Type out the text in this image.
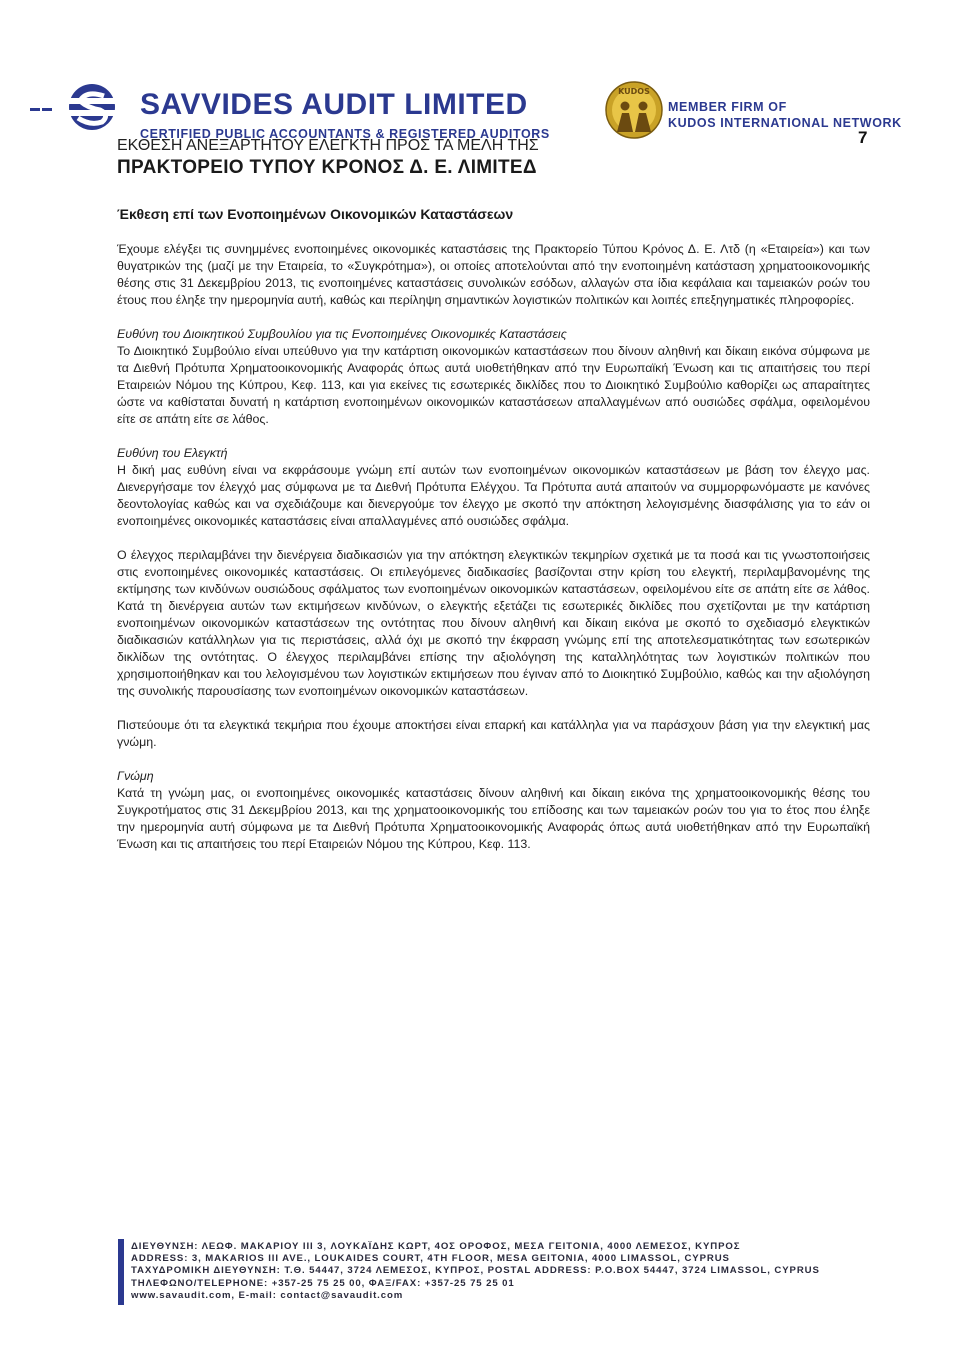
SAVVIDES AUDIT LIMITED
CERTIFIED PUBLIC ACCOUNTANTS & REGISTERED AUDITORS
KUDOS
MEMBER FIRM OF
KUDOS INTERNATIONAL NETWORK
7
ΕΚΘΕΣΗ ΑΝΕΞΑΡΤΗΤΟΥ ΕΛΕΓΚΤΗ ΠΡΟΣ ΤΑ ΜΕΛΗ ΤΗΣ
ΠΡΑΚΤΟΡΕΙΟ ΤΥΠΟΥ ΚΡΟΝΟΣ Δ. Ε. ΛΙΜΙΤΕΔ
Έκθεση επί των Ενοποιημένων Οικονομικών Καταστάσεων

Έχουμε ελέγξει τις συνημμένες ενοποιημένες οικονομικές καταστάσεις της Πρακτορείο Τύπου Κρόνος Δ. Ε. Λτδ (η «Εταιρεία») και των θυγατρικών της (μαζί με την Εταιρεία, το «Συγκρότημα»), οι οποίες αποτελούνται από την ενοποιημένη κατάσταση χρηματοοικονομικής θέσης στις 31 Δεκεμβρίου 2013, τις ενοποιημένες καταστάσεις συνολικών εσόδων, αλλαγών στα ίδια κεφάλαια και ταμειακών ροών του έτους που έληξε την ημερομηνία αυτή, καθώς και περίληψη σημαντικών λογιστικών πολιτικών και λοιπές επεξηγηματικές πληροφορίες.

Ευθύνη του Διοικητικού Συμβουλίου για τις Ενοποιημένες Οικονομικές Καταστάσεις

Το Διοικητικό Συμβούλιο είναι υπεύθυνο για την κατάρτιση οικονομικών καταστάσεων που δίνουν αληθινή και δίκαιη εικόνα σύμφωνα με τα Διεθνή Πρότυπα Χρηματοοικονομικής Αναφοράς όπως αυτά υιοθετήθηκαν από την Ευρωπαϊκή Ένωση και τις απαιτήσεις του περί Εταιρειών Νόμου της Κύπρου, Κεφ. 113, και για εκείνες τις εσωτερικές δικλίδες που το Διοικητικό Συμβούλιο καθορίζει ως απαραίτητες ώστε να καθίσταται δυνατή η κατάρτιση ενοποιημένων οικονομικών καταστάσεων απαλλαγμένων από ουσιώδες σφάλμα, οφειλομένου είτε σε απάτη είτε σε λάθος.

Ευθύνη του Ελεγκτή

Η δική μας ευθύνη είναι να εκφράσουμε γνώμη επί αυτών των ενοποιημένων οικονομικών καταστάσεων με βάση τον έλεγχο μας. Διενεργήσαμε τον έλεγχό μας σύμφωνα με τα Διεθνή Πρότυπα Ελέγχου. Τα Πρότυπα αυτά απαιτούν να συμμορφωνόμαστε με κανόνες δεοντολογίας καθώς και να σχεδιάζουμε και διενεργούμε τον έλεγχο με σκοπό την απόκτηση λελογισμένης διασφάλισης για το εάν οι ενοποιημένες οικονομικές καταστάσεις είναι απαλλαγμένες από ουσιώδες σφάλμα.

Ο έλεγχος περιλαμβάνει την διενέργεια διαδικασιών για την απόκτηση ελεγκτικών τεκμηρίων σχετικά με τα ποσά και τις γνωστοποιήσεις στις ενοποιημένες οικονομικές καταστάσεις. Οι επιλεγόμενες διαδικασίες βασίζονται στην κρίση του ελεγκτή, περιλαμβανομένης της εκτίμησης των κινδύνων ουσιώδους σφάλματος των ενοποιημένων οικονομικών καταστάσεων, οφειλομένου είτε σε απάτη είτε σε λάθος. Κατά τη διενέργεια αυτών των εκτιμήσεων κινδύνων, ο ελεγκτής εξετάζει τις εσωτερικές δικλίδες που σχετίζονται με την κατάρτιση ενοποιημένων οικονομικών καταστάσεων της οντότητας που δίνουν αληθινή και δίκαιη εικόνα με σκοπό το σχεδιασμό ελεγκτικών διαδικασιών κατάλληλων για τις περιστάσεις, αλλά όχι με σκοπό την έκφραση γνώμης επί της αποτελεσματικότητας των εσωτερικών δικλίδων της οντότητας. Ο έλεγχος περιλαμβάνει επίσης την αξιολόγηση της καταλληλότητας των λογιστικών πολιτικών που χρησιμοποιήθηκαν και του λελογισμένου των λογιστικών εκτιμήσεων που έγιναν από το Διοικητικό Συμβούλιο, καθώς και την αξιολόγηση της συνολικής παρουσίασης των ενοποιημένων οικονομικών καταστάσεων.

Πιστεύουμε ότι τα ελεγκτικά τεκμήρια που έχουμε αποκτήσει είναι επαρκή και κατάλληλα για να παράσχουν βάση για την ελεγκτική μας γνώμη.

Γνώμη

Κατά τη γνώμη μας, οι ενοποιημένες οικονομικές καταστάσεις δίνουν αληθινή και δίκαιη εικόνα της χρηματοοικονομικής θέσης του Συγκροτήματος στις 31 Δεκεμβρίου 2013, και της χρηματοοικονομικής του επίδοσης και των ταμειακών ροών του για το έτος που έληξε την ημερομηνία αυτή σύμφωνα με τα Διεθνή Πρότυπα Χρηματοοικονομικής Αναφοράς όπως αυτά υιοθετήθηκαν από την Ευρωπαϊκή Ένωση και τις απαιτήσεις του περί Εταιρειών Νόμου της Κύπρου, Κεφ. 113.

ΔΙΕΥΘΥΝΣΗ: ΛΕΩΦ. ΜΑΚΑΡΙΟΥ III 3, ΛΟΥΚΑΪΔΗΣ ΚΩΡΤ, 4ΟΣ ΟΡΟΦΟΣ, ΜΕΣΑ ΓΕΙΤΟΝΙΑ, 4000 ΛΕΜΕΣΟΣ, ΚΥΠΡΟΣ
ADDRESS: 3, MAKARIOS III AVE., LOUKAIDES COURT, 4TH FLOOR, MESA GEITONIA, 4000 LIMASSOL, CYPRUS
ΤΑΧΥΔΡΟΜΙΚΗ ΔΙΕΥΘΥΝΣΗ: Τ.Θ. 54447, 3724 ΛΕΜΕΣΟΣ, ΚΥΠΡΟΣ, POSTAL ADDRESS: P.O.BOX 54447, 3724 LIMASSOL, CYPRUS
ΤΗΛΕΦΩΝΟ/TELEPHONE: +357-25 75 25 00, ΦΑΞ/FAX: +357-25 75 25 01
www.savaudit.com, E-mail: contact@savaudit.com
